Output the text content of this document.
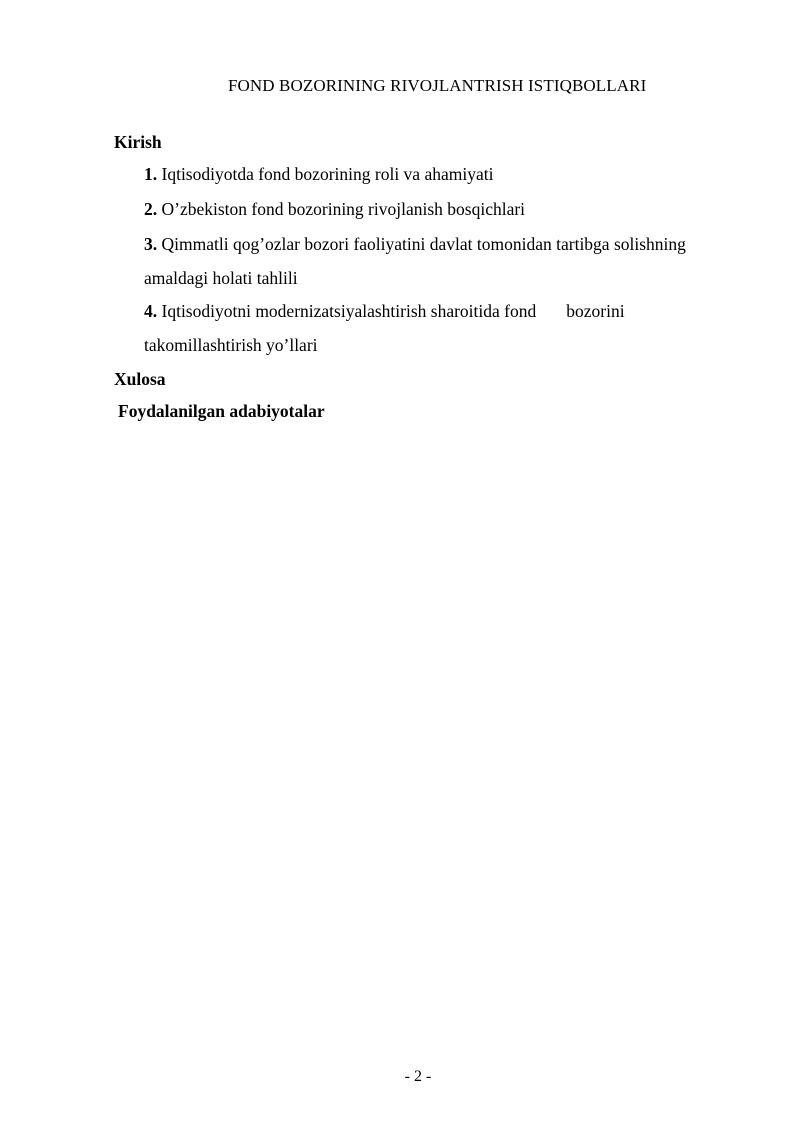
FOND BOZORINING RIVOJLANTRISH ISTIQBOLLARI
Kirish
1. Iqtisodiyotda fond bozorining roli va ahamiyati
2. O’zbekiston fond bozorining rivojlanish bosqichlari
3. Qimmatli qog’ozlar bozori faoliyatini davlat tomonidan tartibga solishning amaldagi holati tahlili
4. Iqtisodiyotni modernizatsiyalashtirish sharoitida fond bozorini takomillashtirish yo’llari
Xulosa
Foydalanilgan adabiyotalar
- 2 -
